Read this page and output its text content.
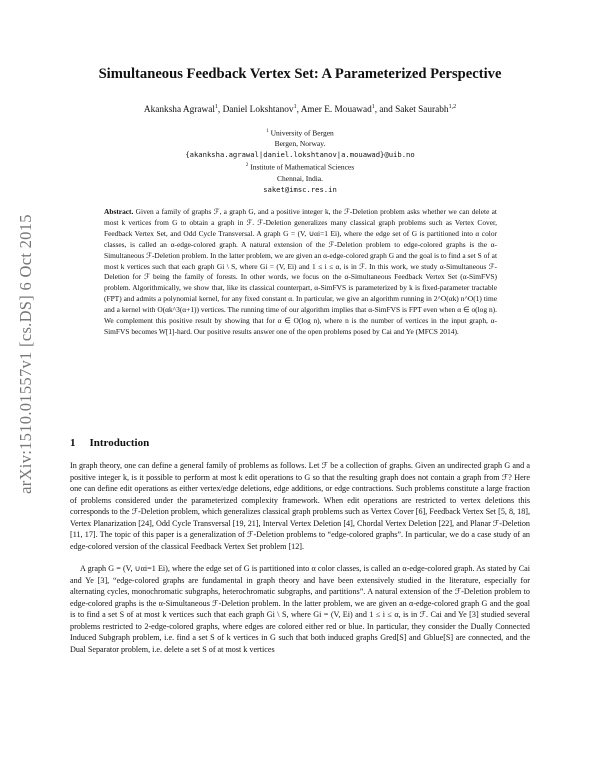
arXiv:1510.01557v1 [cs.DS] 6 Oct 2015
Simultaneous Feedback Vertex Set: A Parameterized Perspective

Akanksha Agrawal$^1$, Daniel Lokshtanov$^1$, Amer E. Mouawad$^1$, and Saket Saurabh$^{1,2}$

$^1$ University of Bergen
Bergen, Norway.
{akanksha.agrawal|daniel.lokshtanov|a.mouawad}@uib.no
$^2$ Institute of Mathematical Sciences
Chennai, India.
saket@imsc.res.in

Abstract. Given a family of graphs ℱ, a graph G, and a positive integer k, the ℱ-Deletion problem asks whether we can delete at most k vertices from G to obtain a graph in ℱ. ℱ-Deletion generalizes many classical graph problems such as Vertex Cover, Feedback Vertex Set, and Odd Cycle Transversal. A graph G = (V, ∪αi=1 Ei), where the edge set of G is partitioned into α color classes, is called an α-edge-colored graph. A natural extension of the ℱ-Deletion problem to edge-colored graphs is the α-Simultaneous ℱ-Deletion problem. In the latter problem, we are given an α-edge-colored graph G and the goal is to find a set S of at most k vertices such that each graph Gi \ S, where Gi = (V, Ei) and 1 ≤ i ≤ α, is in ℱ. In this work, we study α-Simultaneous ℱ-Deletion for ℱ being the family of forests. In other words, we focus on the α-Simultaneous Feedback Vertex Set (α-SimFVS) problem. Algorithmically, we show that, like its classical counterpart, α-SimFVS is parameterized by k is fixed-parameter tractable (FPT) and admits a polynomial kernel, for any fixed constant α. In particular, we give an algorithm running in 2^O(αk) n^O(1) time and a kernel with O(αk^3(α+1)) vertices. The running time of our algorithm implies that α-SimFVS is FPT even when α ∈ o(log n). We complement this positive result by showing that for α ∈ O(log n), where n is the number of vertices in the input graph, α-SimFVS becomes W[1]-hard. Our positive results answer one of the open problems posed by Cai and Ye (MFCS 2014).

1 Introduction

In graph theory, one can define a general family of problems as follows. Let ℱ be a collection of graphs. Given an undirected graph G and a positive integer k, is it possible to perform at most k edit operations to G so that the resulting graph does not contain a graph from ℱ? Here one can define edit operations as either vertex/edge deletions, edge additions, or edge contractions. Such problems constitute a large fraction of problems considered under the parameterized complexity framework. When edit operations are restricted to vertex deletions this corresponds to the ℱ-Deletion problem, which generalizes classical graph problems such as Vertex Cover [6], Feedback Vertex Set [5, 8, 18], Vertex Planarization [24], Odd Cycle Transversal [19, 21], Interval Vertex Deletion [4], Chordal Vertex Deletion [22], and Planar ℱ-Deletion [11, 17]. The topic of this paper is a generalization of ℱ-Deletion problems to “edge-colored graphs”. In particular, we do a case study of an edge-colored version of the classical Feedback Vertex Set problem [12].

A graph G = (V, ∪αi=1 Ei), where the edge set of G is partitioned into α color classes, is called an α-edge-colored graph. As stated by Cai and Ye [3], “edge-colored graphs are fundamental in graph theory and have been extensively studied in the literature, especially for alternating cycles, monochromatic subgraphs, heterochromatic subgraphs, and partitions”. A natural extension of the ℱ-Deletion problem to edge-colored graphs is the α-Simultaneous ℱ-Deletion problem. In the latter problem, we are given an α-edge-colored graph G and the goal is to find a set S of at most k vertices such that each graph Gi \ S, where Gi = (V, Ei) and 1 ≤ i ≤ α, is in ℱ. Cai and Ye [3] studied several problems restricted to 2-edge-colored graphs, where edges are colored either red or blue. In particular, they consider the Dually Connected Induced Subgraph problem, i.e. find a set S of k vertices in G such that both induced graphs Gred[S] and Gblue[S] are connected, and the Dual Separator problem, i.e. delete a set S of at most k vertices
